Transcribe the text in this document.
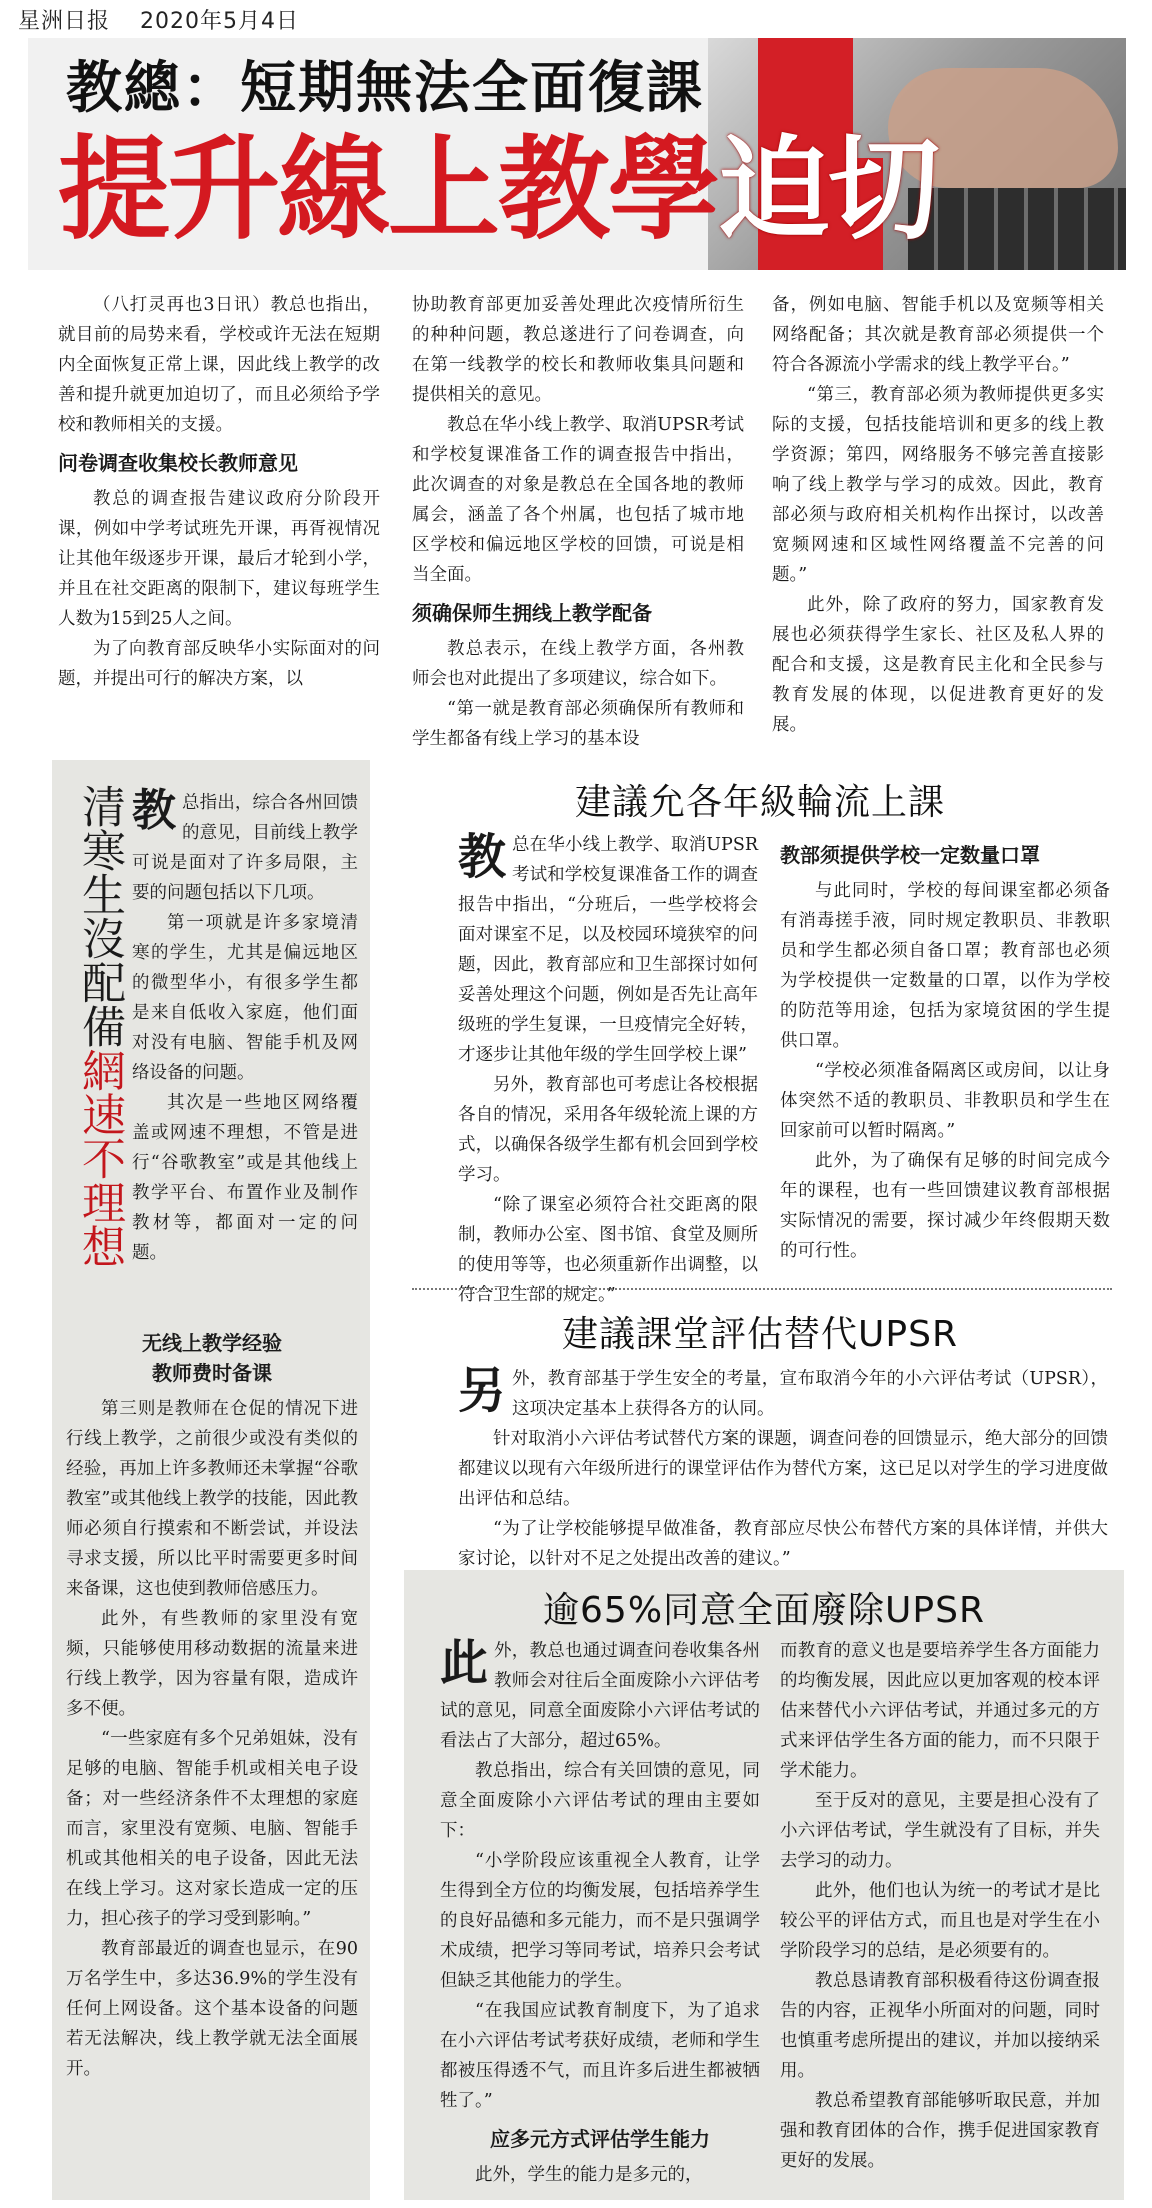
星洲日报 2020年5月4日
教總：短期無法全面復課
提升線上教學迫切

（八打灵再也3日讯）教总也指出，就目前的局势来看，学校或许无法在短期内全面恢复正常上课，因此线上教学的改善和提升就更加迫切了，而且必须给予学校和教师相关的支援。

问卷调查收集校长教师意见

教总的调查报告建议政府分阶段开课，例如中学考试班先开课，再胥视情况让其他年级逐步开课，最后才轮到小学，并且在社交距离的限制下，建议每班学生人数为15到25人之间。

为了向教育部反映华小实际面对的问题，并提出可行的解决方案，以

协助教育部更加妥善处理此次疫情所衍生的种种问题，教总遂进行了问卷调查，向在第一线教学的校长和教师收集具问题和提供相关的意见。

教总在华小线上教学、取消UPSR考试和学校复课准备工作的调查报告中指出，此次调查的对象是教总在全国各地的教师属会，涵盖了各个州属，也包括了城市地区学校和偏远地区学校的回馈，可说是相当全面。

须确保师生拥线上教学配备

教总表示，在线上教学方面，各州教师会也对此提出了多项建议，综合如下。

“第一就是教育部必须确保所有教师和学生都备有线上学习的基本设

备，例如电脑、智能手机以及宽频等相关网络配备；其次就是教育部必须提供一个符合各源流小学需求的线上教学平台。”

“第三，教育部必须为教师提供更多实际的支援，包括技能培训和更多的线上教学资源；第四，网络服务不够完善直接影响了线上教学与学习的成效。因此，教育部必须与政府相关机构作出探讨，以改善宽频网速和区域性网络覆盖不完善的问题。”

此外，除了政府的努力，国家教育发展也必须获得学生家长、社区及私人界的配合和支援，这是教育民主化和全民参与教育发展的体现，以促进教育更好的发展。

清寒生沒配備網速不理想

教总指出，综合各州回馈的意见，目前线上教学可说是面对了许多局限，主要的问题包括以下几项。

第一项就是许多家境清寒的学生，尤其是偏远地区的微型华小，有很多学生都是来自低收入家庭，他们面对没有电脑、智能手机及网络设备的问题。

其次是一些地区网络覆盖或网速不理想，不管是进行“谷歌教室”或是其他线上教学平台、布置作业及制作教材等，都面对一定的问题。

无线上教学经验
教师费时备课

第三则是教师在仓促的情况下进行线上教学，之前很少或没有类似的经验，再加上许多教师还未掌握“谷歌教室”或其他线上教学的技能，因此教师必须自行摸索和不断尝试，并设法寻求支援，所以比平时需要更多时间来备课，这也使到教师倍感压力。

此外，有些教师的家里没有宽频，只能够使用移动数据的流量来进行线上教学，因为容量有限，造成许多不便。

“一些家庭有多个兄弟姐妹，没有足够的电脑、智能手机或相关电子设备；对一些经济条件不太理想的家庭而言，家里没有宽频、电脑、智能手机或其他相关的电子设备，因此无法在线上学习。这对家长造成一定的压力，担心孩子的学习受到影响。”

教育部最近的调查也显示，在90万名学生中，多达36.9%的学生没有任何上网设备。这个基本设备的问题若无法解决，线上教学就无法全面展开。

建議允各年級輪流上課

教总在华小线上教学、取消UPSR考试和学校复课准备工作的调查报告中指出，“分班后，一些学校将会面对课室不足，以及校园环境狭窄的问题，因此，教育部应和卫生部探讨如何妥善处理这个问题，例如是否先让高年级班的学生复课，一旦疫情完全好转，才逐步让其他年级的学生回学校上课”

另外，教育部也可考虑让各校根据各自的情况，采用各年级轮流上课的方式，以确保各级学生都有机会回到学校学习。

“除了课室必须符合社交距离的限制，教师办公室、图书馆、食堂及厕所的使用等等，也必须重新作出调整，以符合卫生部的规定。”

教部须提供学校一定数量口罩

与此同时，学校的每间课室都必须备有消毒搓手液，同时规定教职员、非教职员和学生都必须自备口罩；教育部也必须为学校提供一定数量的口罩，以作为学校的防范等用途，包括为家境贫困的学生提供口罩。

“学校必须准备隔离区或房间，以让身体突然不适的教职员、非教职员和学生在回家前可以暂时隔离。”

此外，为了确保有足够的时间完成今年的课程，也有一些回馈建议教育部根据实际情况的需要，探讨减少年终假期天数的可行性。

建議課堂評估替代UPSR

另外，教育部基于学生安全的考量，宣布取消今年的小六评估考试（UPSR），这项决定基本上获得各方的认同。

针对取消小六评估考试替代方案的课题，调查问卷的回馈显示，绝大部分的回馈都建议以现有六年级所进行的课堂评估作为替代方案，这已足以对学生的学习进度做出评估和总结。

“为了让学校能够提早做准备，教育部应尽快公布替代方案的具体详情，并供大家讨论，以针对不足之处提出改善的建议。”

逾65%同意全面廢除UPSR

此外，教总也通过调查问卷收集各州教师会对往后全面废除小六评估考试的意见，同意全面废除小六评估考试的看法占了大部分，超过65%。

教总指出，综合有关回馈的意见，同意全面废除小六评估考试的理由主要如下：

“小学阶段应该重视全人教育，让学生得到全方位的均衡发展，包括培养学生的良好品德和多元能力，而不是只强调学术成绩，把学习等同考试，培养只会考试但缺乏其他能力的学生。

“在我国应试教育制度下，为了追求在小六评估考试考获好成绩，老师和学生都被压得透不气，而且许多后进生都被牺牲了。”

应多元方式评估学生能力

此外，学生的能力是多元的，

而教育的意义也是要培养学生各方面能力的均衡发展，因此应以更加客观的校本评估来替代小六评估考试，并通过多元的方式来评估学生各方面的能力，而不只限于学术能力。

至于反对的意见，主要是担心没有了小六评估考试，学生就没有了目标，并失去学习的动力。

此外，他们也认为统一的考试才是比较公平的评估方式，而且也是对学生在小学阶段学习的总结，是必须要有的。

教总恳请教育部积极看待这份调查报告的内容，正视华小所面对的问题，同时也慎重考虑所提出的建议，并加以接纳采用。

教总希望教育部能够听取民意，并加强和教育团体的合作，携手促进国家教育更好的发展。
